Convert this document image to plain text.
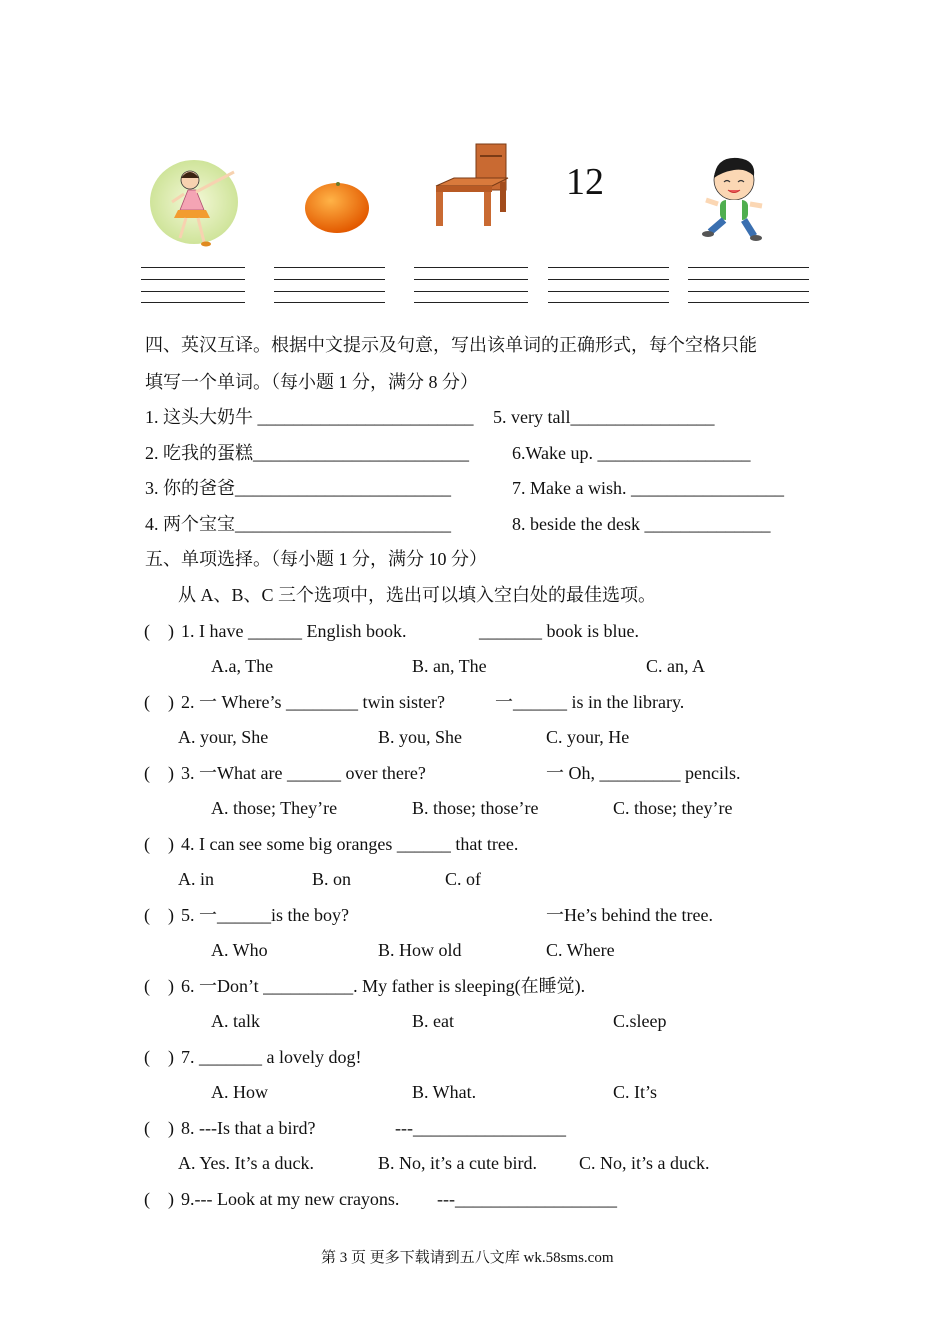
12
四、英汉互译。根据中文提示及句意，写出该单词的正确形式，每个空格只能
填写一个单词。（每小题 1 分，满分 8 分）
1. 这头大奶牛 ________________________ 5. very tall________________
2. 吃我的蛋糕________________________ 6.Wake up. _________________
3. 你的爸爸________________________	7. Make a wish. _________________
4. 两个宝宝________________________	8. beside the desk ______________
五、单项选择。（每小题 1 分，满分 10 分）
从 A、B、C 三个选项中，选出可以填入空白处的最佳选项。
(    ) 1. I have ______ English book.	_______ book is blue.
A.a, The	B. an, The	C. an, A
(    ) 2. 一 Where’s ________ twin sister?	一______ is in the library.
A. your, She	B. you, She	C. your, He
(    ) 3. 一What are ______ over there?	一 Oh, _________ pencils.
A. those; They’re	B. those; those’re	C. those; they’re
(    ) 4. I can see some big oranges ______ that tree.
A. in	B. on	C. of
(    ) 5. 一______is the boy?	一He’s behind the tree.
A. Who	B. How old	C. Where
(    ) 6. 一Don’t __________. My father is sleeping(在睡觉).
A. talk	B. eat	C.sleep
(    ) 7. _______ a lovely dog!
A. How	B. What.	C. It’s
(    ) 8. ---Is that a bird?	---_________________
A. Yes. It’s a duck.	B. No, it’s a cute bird. C. No, it’s a duck.
(    ) 9.--- Look at my new crayons. ---__________________
第 3 页 更多下载请到五八文库 wk.58sms.com
